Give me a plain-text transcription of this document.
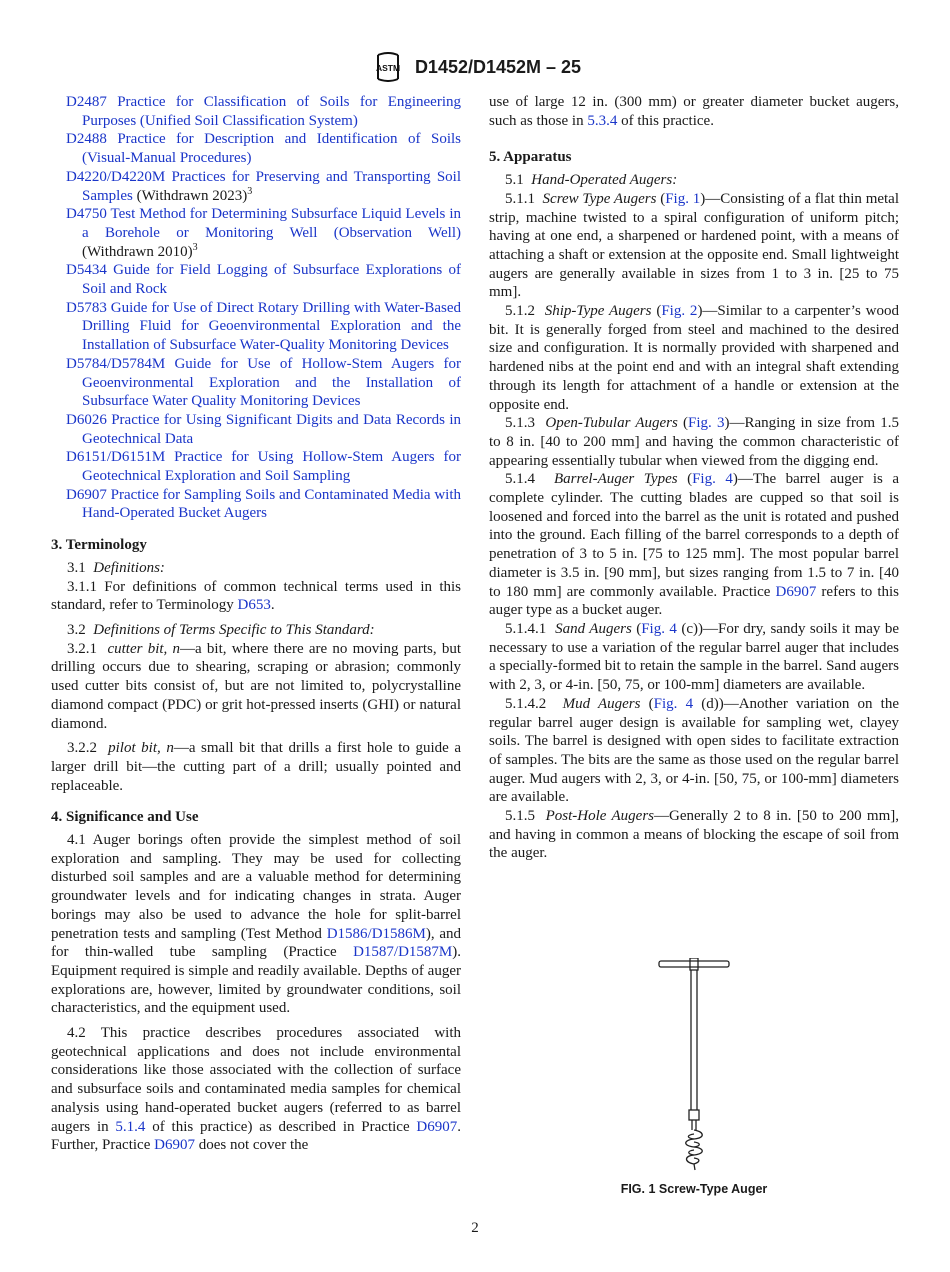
ASTM D1452/D1452M – 25

D2487 Practice for Classification of Soils for Engineering Purposes (Unified Soil Classification System)

D2488 Practice for Description and Identification of Soils (Visual-Manual Procedures)

D4220/D4220M Practices for Preserving and Transporting Soil Samples (Withdrawn 2023)$^3$

D4750 Test Method for Determining Subsurface Liquid Levels in a Borehole or Monitoring Well (Observation Well) (Withdrawn 2010)$^3$

D5434 Guide for Field Logging of Subsurface Explorations of Soil and Rock

D5783 Guide for Use of Direct Rotary Drilling with Water-Based Drilling Fluid for Geoenvironmental Exploration and the Installation of Subsurface Water-Quality Monitoring Devices

D5784/D5784M Guide for Use of Hollow-Stem Augers for Geoenvironmental Exploration and the Installation of Subsurface Water Quality Monitoring Devices

D6026 Practice for Using Significant Digits and Data Records in Geotechnical Data

D6151/D6151M Practice for Using Hollow-Stem Augers for Geotechnical Exploration and Soil Sampling

D6907 Practice for Sampling Soils and Contaminated Media with Hand-Operated Bucket Augers

3. Terminology

3.1 Definitions:

3.1.1 For definitions of common technical terms used in this standard, refer to Terminology D653.

3.2 Definitions of Terms Specific to This Standard:

3.2.1 cutter bit, n—a bit, where there are no moving parts, but drilling occurs due to shearing, scraping or abrasion; commonly used cutter bits consist of, but are not limited to, polycrystalline diamond compact (PDC) or grit hot-pressed inserts (GHI) or natural diamond.

3.2.2 pilot bit, n—a small bit that drills a first hole to guide a larger drill bit—the cutting part of a drill; usually pointed and replaceable.

4. Significance and Use

4.1 Auger borings often provide the simplest method of soil exploration and sampling. They may be used for collecting disturbed soil samples and are a valuable method for determining groundwater levels and for indicating changes in strata. Auger borings may also be used to advance the hole for split-barrel penetration tests and sampling (Test Method D1586/D1586M), and for thin-walled tube sampling (Practice D1587/D1587M). Equipment required is simple and readily available. Depths of auger explorations are, however, limited by groundwater conditions, soil characteristics, and the equipment used.

4.2 This practice describes procedures associated with geotechnical applications and does not include environmental considerations like those associated with the collection of surface and subsurface soils and contaminated media samples for chemical analysis using hand-operated bucket augers (referred to as barrel augers in 5.1.4 of this practice) as described in Practice D6907. Further, Practice D6907 does not cover the

use of large 12 in. (300 mm) or greater diameter bucket augers, such as those in 5.3.4 of this practice.

5. Apparatus

5.1 Hand-Operated Augers:

5.1.1 Screw Type Augers (Fig. 1)—Consisting of a flat thin metal strip, machine twisted to a spiral configuration of uniform pitch; having at one end, a sharpened or hardened point, with a means of attaching a shaft or extension at the opposite end. Small lightweight augers are generally available in sizes from 1 to 3 in. [25 to 75 mm].

5.1.2 Ship-Type Augers (Fig. 2)—Similar to a carpenter’s wood bit. It is generally forged from steel and machined to the desired size and configuration. It is normally provided with sharpened and hardened nibs at the point end and with an integral shaft extending through its length for attachment of a handle or extension at the opposite end.

5.1.3 Open-Tubular Augers (Fig. 3)—Ranging in size from 1.5 to 8 in. [40 to 200 mm] and having the common characteristic of appearing essentially tubular when viewed from the digging end.

5.1.4 Barrel-Auger Types (Fig. 4)—The barrel auger is a complete cylinder. The cutting blades are cupped so that soil is loosened and forced into the barrel as the unit is rotated and pushed into the ground. Each filling of the barrel corresponds to a depth of penetration of 3 to 5 in. [75 to 125 mm]. The most popular barrel diameter is 3.5 in. [90 mm], but sizes ranging from 1.5 to 7 in. [40 to 180 mm] are commonly available. Practice D6907 refers to this auger type as a bucket auger.

5.1.4.1 Sand Augers (Fig. 4 (c))—For dry, sandy soils it may be necessary to use a variation of the regular barrel auger that includes a specially-formed bit to retain the sample in the barrel. Sand augers with 2, 3, or 4-in. [50, 75, or 100-mm] diameters are available.

5.1.4.2 Mud Augers (Fig. 4 (d))—Another variation on the regular barrel auger design is available for sampling wet, clayey soils. The barrel is designed with open sides to facilitate extraction of samples. The bits are the same as those used on the regular barrel auger. Mud augers with 2, 3, or 4-in. [50, 75, or 100-mm] diameters are available.

5.1.5 Post-Hole Augers—Generally 2 to 8 in. [50 to 200 mm], and having in common a means of blocking the escape of soil from the auger.

FIG. 1 Screw-Type Auger
2
